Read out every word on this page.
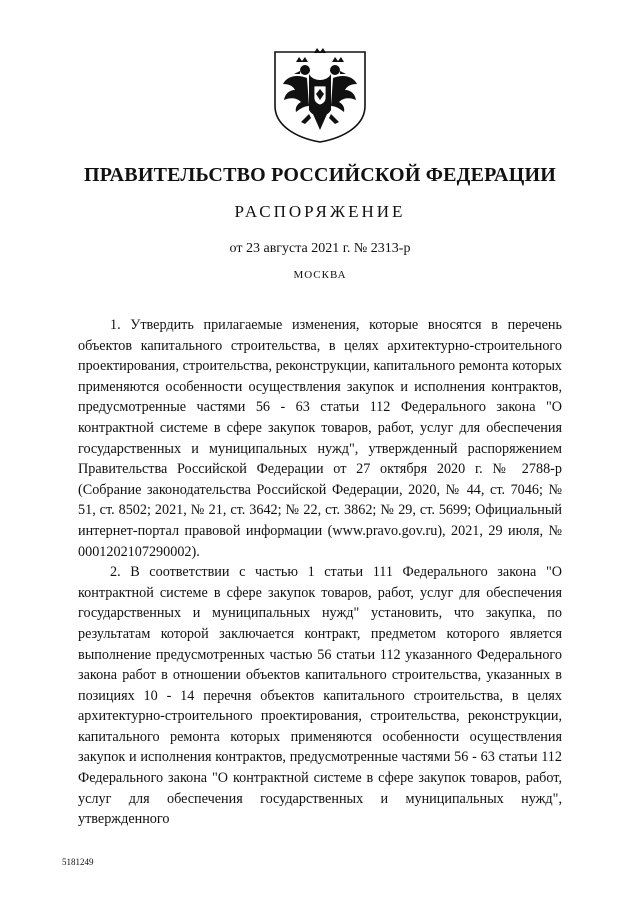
ПРАВИТЕЛЬСТВО РОССИЙСКОЙ ФЕДЕРАЦИИ
РАСПОРЯЖЕНИЕ
от 23 августа 2021 г. № 2313-р
МОСКВА

1. Утвердить прилагаемые изменения, которые вносятся в перечень объектов капитального строительства, в целях архитектурно-строительного проектирования, строительства, реконструкции, капитального ремонта которых применяются особенности осуществления закупок и исполнения контрактов, предусмотренные частями 56 - 63 статьи 112 Федерального закона "О контрактной системе в сфере закупок товаров, работ, услуг для обеспечения государственных и муниципальных нужд", утвержденный распоряжением Правительства Российской Федерации от 27 октября 2020 г. № 2788-р (Собрание законодательства Российской Федерации, 2020, № 44, ст. 7046; № 51, ст. 8502; 2021, № 21, ст. 3642; № 22, ст. 3862; № 29, ст. 5699; Официальный интернет-портал правовой информации (www.pravo.gov.ru), 2021, 29 июля, № 0001202107290002).

2. В соответствии с частью 1 статьи 111 Федерального закона "О контрактной системе в сфере закупок товаров, работ, услуг для обеспечения государственных и муниципальных нужд" установить, что закупка, по результатам которой заключается контракт, предметом которого является выполнение предусмотренных частью 56 статьи 112 указанного Федерального закона работ в отношении объектов капитального строительства, указанных в позициях 10 - 14 перечня объектов капитального строительства, в целях архитектурно-строительного проектирования, строительства, реконструкции, капитального ремонта которых применяются особенности осуществления закупок и исполнения контрактов, предусмотренные частями 56 - 63 статьи 112 Федерального закона "О контрактной системе в сфере закупок товаров, работ, услуг для обеспечения государственных и муниципальных нужд", утвержденного

5181249
